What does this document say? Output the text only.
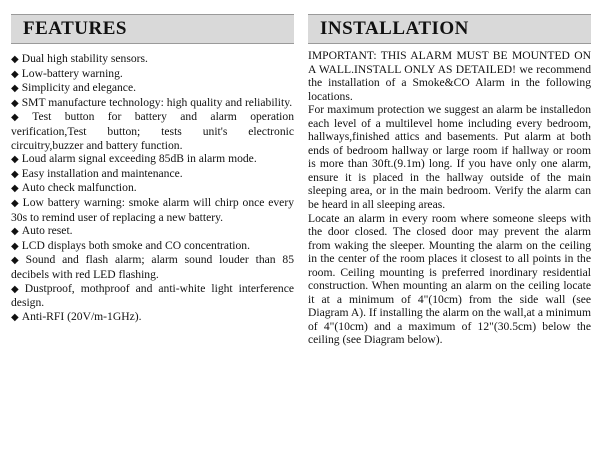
FEATURES
◆ Dual high stability sensors.
◆ Low-battery warning.
◆ Simplicity and elegance.
◆ SMT manufacture technology: high quality and reliability.
◆ Test button for battery and alarm operation verification,Test button; tests unit's electronic circuitry,buzzer and battery function.
◆ Loud alarm signal exceeding 85dB in alarm mode.
◆ Easy installation and maintenance.
◆ Auto check malfunction.
◆ Low battery warning: smoke alarm will chirp once every 30s to remind user of replacing a new battery.
◆ Auto reset.
◆ LCD displays both smoke and CO concentration.
◆ Sound and flash alarm; alarm sound louder than 85 decibels with red LED flashing.
◆ Dustproof, mothproof and anti-white light interference design.
◆ Anti-RFI (20V/m-1GHz).
INSTALLATION

IMPORTANT: THIS ALARM MUST BE MOUNTED ON A WALL.INSTALL ONLY AS DETAILED! we recommend the installation of a Smoke&CO Alarm in the following locations.

For maximum protection we suggest an alarm be installedon each level of a multilevel home including every bedroom, hallways,finished attics and basements. Put alarm at both ends of bedroom hallway or large room if hallway or room is more than 30ft.(9.1m) long. If you have only one alarm, ensure it is placed in the hallway outside of the main sleeping area, or in the main bedroom. Verify the alarm can be heard in all sleeping areas.

Locate an alarm in every room where someone sleeps with the door closed. The closed door may prevent the alarm from waking the sleeper. Mounting the alarm on the ceiling in the center of the room places it closest to all points in the room. Ceiling mounting is preferred inordinary residential construction. When mounting an alarm on the ceiling locate it at a minimum of 4"(10cm) from the side wall (see Diagram A). If installing the alarm on the wall,at a minimum of 4"(10cm) and a maximum of 12"(30.5cm) below the ceiling (see Diagram below).
